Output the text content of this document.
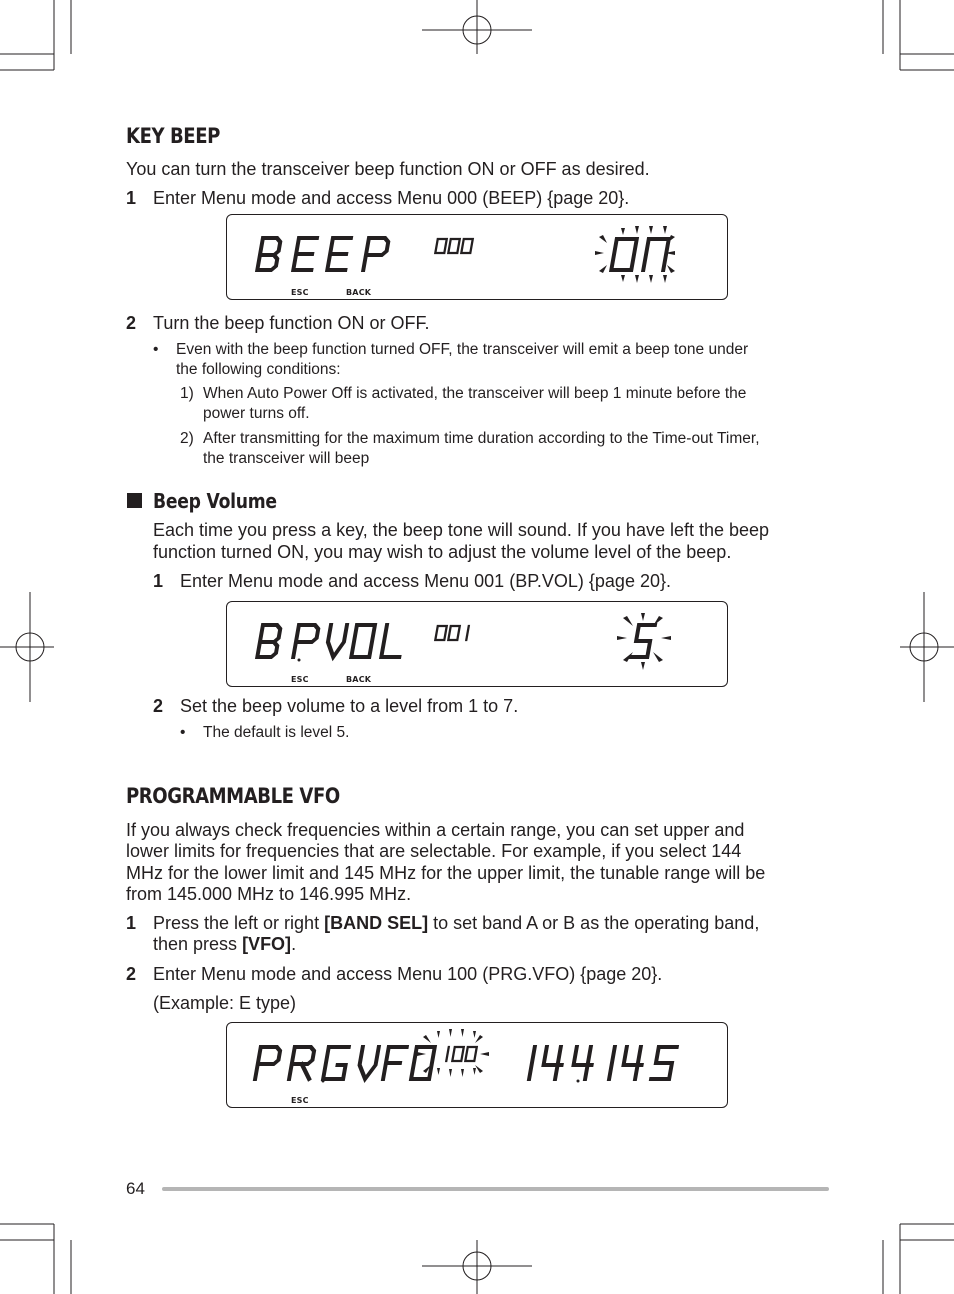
KEY BEEP
You can turn the transceiver beep function ON or OFF as desired.
1 Enter Menu mode and access Menu 000 (BEEP) {page 20}.
ESC	BACK
2 Turn the beep function ON or OFF.
• Even with the beep function turned OFF, the transceiver will emit a beep tone under
the following conditions:
1) When Auto Power Off is activated, the transceiver will beep 1 minute before the
power turns off.
2) After transmitting for the maximum time duration according to the Time-out Timer,
the transceiver will beep
Beep Volume
Each time you press a key, the beep tone will sound. If you have left the beep
function turned ON, you may wish to adjust the volume level of the beep.
1 Enter Menu mode and access Menu 001 (BP.VOL) {page 20}.
ESC	BACK
2 Set the beep volume to a level from 1 to 7.
• The default is level 5.
PROGRAMMABLE VFO
If you always check frequencies within a certain range, you can set upper and
lower limits for frequencies that are selectable. For example, if you select 144
MHz for the lower limit and 145 MHz for the upper limit, the tunable range will be
from 145.000 MHz to 146.995 MHz.
1 Press the left or right [BAND SEL] to set band A or B as the operating band,
then press [VFO].
2 Enter Menu mode and access Menu 100 (PRG.VFO) {page 20}.
(Example: E type)
ESC
64
